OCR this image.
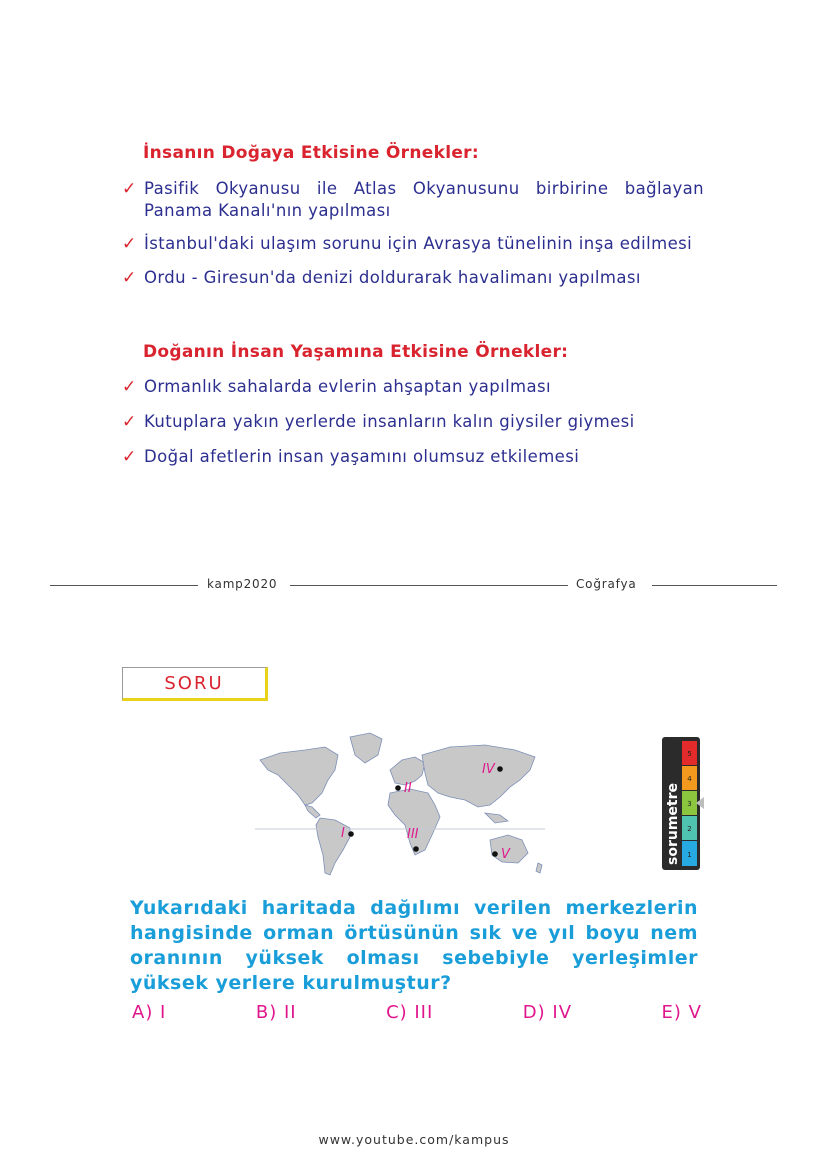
İnsanın Doğaya Etkisine Örnekler:
✓ Pasifik Okyanusu ile Atlas Okyanusunu birbirine bağlayan Panama Kanalı'nın yapılması
✓ İstanbul'daki ulaşım sorunu için Avrasya tünelinin inşa edilmesi
✓ Ordu - Giresun'da denizi doldurarak havalimanı yapılması
Doğanın İnsan Yaşamına Etkisine Örnekler:
✓ Ormanlık sahalarda evlerin ahşaptan yapılması
✓ Kutuplara yakın yerlerde insanların kalın giysiler giymesi
✓ Doğal afetlerin insan yaşamını olumsuz etkilemesi
kamp2020	Coğrafya
SORU
I
II
III
IV
V
5
4
3
2
1
sorumetre
Yukarıdaki haritada dağılımı verilen merkezlerin hangisinde orman örtüsünün sık ve yıl boyu nem oranının yüksek olması sebebiyle yerleşimler yüksek yerlere kurulmuştur?
A) I	B) II	C) III	D) IV	E) V
www.youtube.com/kampus
